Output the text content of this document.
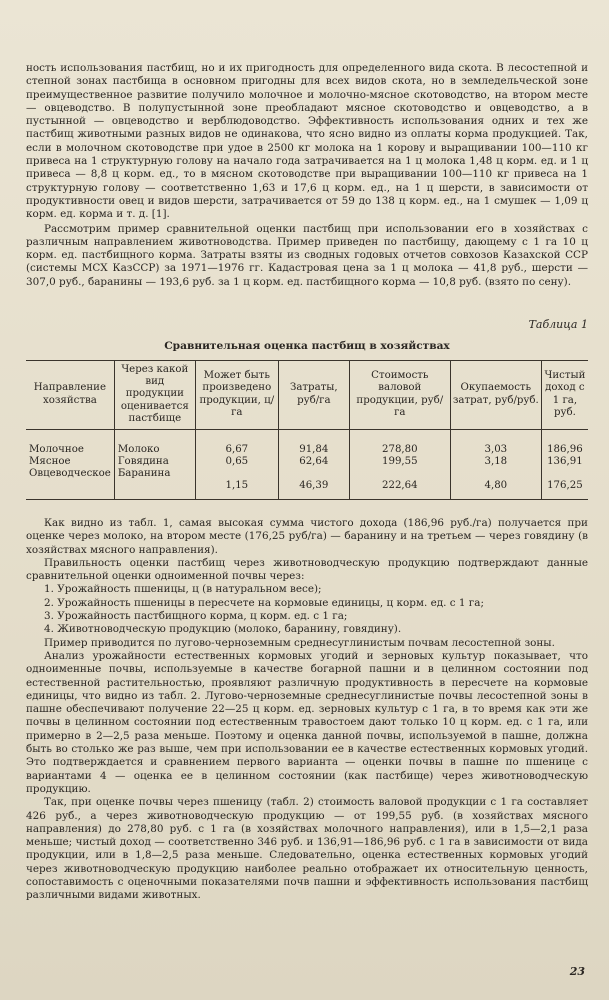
ность использования пастбищ, но и их пригодность для определенного вида скота. В лесостепной и степной зонах пастбища в основном пригодны для всех видов скота, но в земледельческой зоне преимущественное развитие получило молочное и молочно-мясное скотоводство, на втором месте — овцеводство. В полупустынной зоне преобладают мясное скотоводство и овцеводство, а в пустынной — овцеводство и верблюдоводство. Эффективность использования одних и тех же пастбищ животными разных видов не одинакова, что ясно видно из оплаты корма продукцией. Так, если в молочном скотоводстве при удое в 2500 кг молока на 1 корову и выращивании 100—110 кг привеса на 1 структурную голову на начало года затрачивается на 1 ц молока 1,48 ц корм. ед. и 1 ц привеса — 8,8 ц корм. ед., то в мясном скотоводстве при выращивании 100—110 кг привеса на 1 структурную голову — соответственно 1,63 и 17,6 ц корм. ед., на 1 ц шерсти, в зависимости от продуктивности овец и видов шерсти, затрачивается от 59 до 138 ц корм. ед., на 1 смушек — 1,09 ц корм. ед. корма и т. д. [1].

Рассмотрим пример сравнительной оценки пастбищ при использовании его в хозяйствах с различным направлением животноводства. Пример приведен по пастбищу, дающему с 1 га 10 ц корм. ед. пастбищного корма. Затраты взяты из сводных годовых отчетов совхозов Казахской ССР (системы МСХ КазССР) за 1971—1976 гг. Кадастровая цена за 1 ц молока — 41,8 руб., шерсти — 307,0 руб., баранины — 193,6 руб. за 1 ц корм. ед. пастбищного корма — 10,8 руб. (взято по сену).

Таблица 1

Сравнительная оценка пастбищ в хозяйствах

Направление хозяйства	Через какой вид продукции оценивается пастбище	Может быть произведено продукции, ц/га	Затраты, руб/га	Стоимость валовой продукции, руб/га	Окупаемость затрат, руб/руб.	Чистый доход с 1 га, руб.
Молочное	Молоко	6,67	91,84	278,80	3,03	186,96
Мясное	Говядина	0,65	62,64	199,55	3,18	136,91
Овцеводческое	Баранина	1,15	46,39	222,64	4,80	176,25

Как видно из табл. 1, самая высокая сумма чистого дохода (186,96 руб./га) получается при оценке через молоко, на втором месте (176,25 руб/га) — баранину и на третьем — через говядину (в хозяйствах мясного направления).

Правильность оценки пастбищ через животноводческую продукцию подтверждают данные сравнительной оценки одноименной почвы через:

1. Урожайность пшеницы, ц (в натуральном весе);
2. Урожайность пшеницы в пересчете на кормовые единицы, ц корм. ед. с 1 га;
3. Урожайность пастбищного корма, ц корм. ед. с 1 га;
4. Животноводческую продукцию (молоко, баранину, говядину).

Пример приводится по лугово-черноземным среднесуглинистым почвам лесостепной зоны.

Анализ урожайности естественных кормовых угодий и зерновых культур показывает, что одноименные почвы, используемые в качестве богарной пашни и в целинном состоянии под естественной растительностью, проявляют различную продуктивность в пересчете на кормовые единицы, что видно из табл. 2. Лугово-черноземные среднесуглинистые почвы лесостепной зоны в пашне обеспечивают получение 22—25 ц корм. ед. зерновых культур с 1 га, в то время как эти же почвы в целинном состоянии под естественным травостоем дают только 10 ц корм. ед. с 1 га, или примерно в 2—2,5 раза меньше. Поэтому и оценка данной почвы, используемой в пашне, должна быть во столько же раз выше, чем при использовании ее в качестве естественных кормовых угодий. Это подтверждается и сравнением первого варианта — оценки почвы в пашне по пшенице с вариантами 4 — оценка ее в целинном состоянии (как пастбище) через животноводческую продукцию.

Так, при оценке почвы через пшеницу (табл. 2) стоимость валовой продукции с 1 га составляет 426 руб., а через животноводческую продукцию — от 199,55 руб. (в хозяйствах мясного направления) до 278,80 руб. с 1 га (в хозяйствах молочного направления), или в 1,5—2,1 раза меньше; чистый доход — соответственно 346 руб. и 136,91—186,96 руб. с 1 га в зависимости от вида продукции, или в 1,8—2,5 раза меньше. Следовательно, оценка естественных кормовых угодий через животноводческую продукцию наиболее реально отображает их относительную ценность, сопоставимость с оценочными показателями почв пашни и эффективность использования пастбищ различными видами животных.

23
